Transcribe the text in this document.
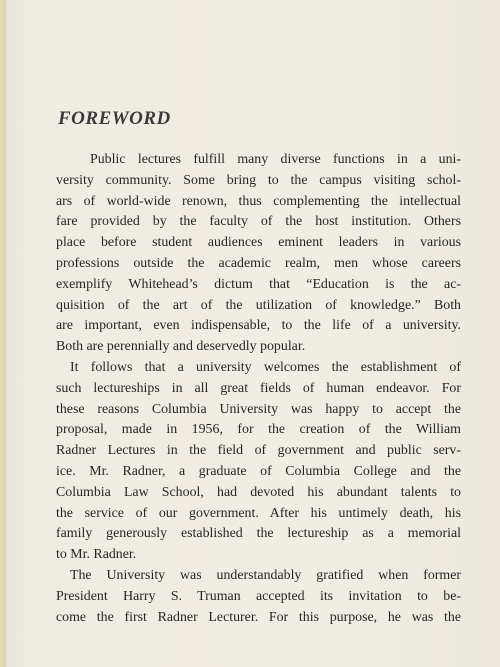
FOREWORD

Public lectures fulfill many diverse functions in a uni-
versity community. Some bring to the campus visiting schol-
ars of world-wide renown, thus complementing the intellectual
fare provided by the faculty of the host institution. Others
place before student audiences eminent leaders in various
professions outside the academic realm, men whose careers
exemplify Whitehead’s dictum that “Education is the ac-
quisition of the art of the utilization of knowledge.” Both
are important, even indispensable, to the life of a university.
Both are perennially and deservedly popular.

It follows that a university welcomes the establishment of
such lectureships in all great fields of human endeavor. For
these reasons Columbia University was happy to accept the
proposal, made in 1956, for the creation of the William
Radner Lectures in the field of government and public serv-
ice. Mr. Radner, a graduate of Columbia College and the
Columbia Law School, had devoted his abundant talents to
the service of our government. After his untimely death, his
family generously established the lectureship as a memorial
to Mr. Radner.

The University was understandably gratified when former
President Harry S. Truman accepted its invitation to be-
come the first Radner Lecturer. For this purpose, he was the
